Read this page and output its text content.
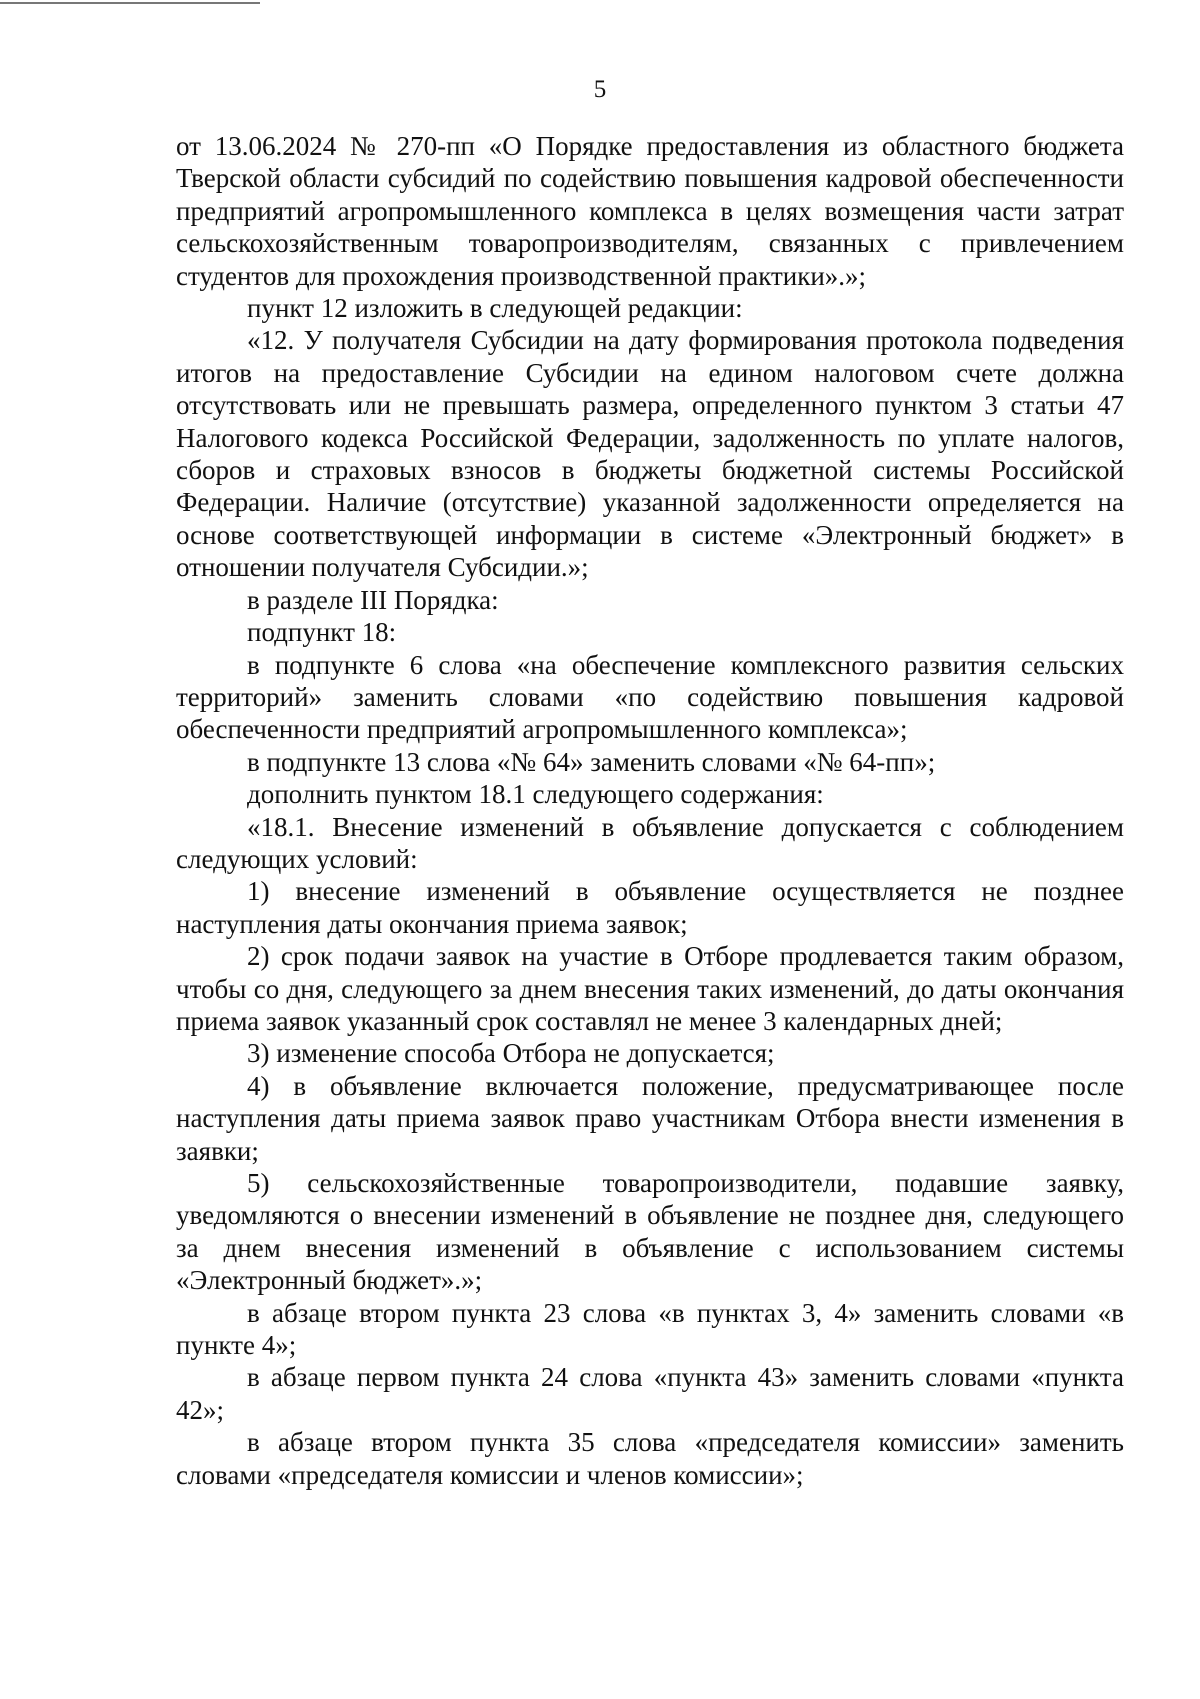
5

от 13.06.2024 № 270-пп «О Порядке предоставления из областного бюджета Тверской области субсидий по содействию повышения кадровой обеспеченности предприятий агропромышленного комплекса в целях возмещения части затрат сельскохозяйственным товаропроизводителям, связанных с привлечением студентов для прохождения производственной практики».»;

пункт 12 изложить в следующей редакции:

«12. У получателя Субсидии на дату формирования протокола подведения итогов на предоставление Субсидии на едином налоговом счете должна отсутствовать или не превышать размера, определенного пунктом 3 статьи 47 Налогового кодекса Российской Федерации, задолженность по уплате налогов, сборов и страховых взносов в бюджеты бюджетной системы Российской Федерации. Наличие (отсутствие) указанной задолженности определяется на основе соответствующей информации в системе «Электронный бюджет» в отношении получателя Субсидии.»;

в разделе III Порядка:

подпункт 18:

в подпункте 6 слова «на обеспечение комплексного развития сельских территорий» заменить словами «по содействию повышения кадровой обеспеченности предприятий агропромышленного комплекса»;

в подпункте 13 слова «№ 64» заменить словами «№ 64-пп»;

дополнить пунктом 18.1 следующего содержания:

«18.1. Внесение изменений в объявление допускается с соблюдением следующих условий:

1) внесение изменений в объявление осуществляется не позднее наступления даты окончания приема заявок;

2) срок подачи заявок на участие в Отборе продлевается таким образом, чтобы со дня, следующего за днем внесения таких изменений, до даты окончания приема заявок указанный срок составлял не менее 3 календарных дней;

3) изменение способа Отбора не допускается;

4) в объявление включается положение, предусматривающее после наступления даты приема заявок право участникам Отбора внести изменения в заявки;

5) сельскохозяйственные товаропроизводители, подавшие заявку, уведомляются о внесении изменений в объявление не позднее дня, следующего за днем внесения изменений в объявление с использованием системы «Электронный бюджет».»;

в абзаце втором пункта 23 слова «в пунктах 3, 4» заменить словами «в пункте 4»;

в абзаце первом пункта 24 слова «пункта 43» заменить словами «пункта 42»;

в абзаце втором пункта 35 слова «председателя комиссии» заменить словами «председателя комиссии и членов комиссии»;
